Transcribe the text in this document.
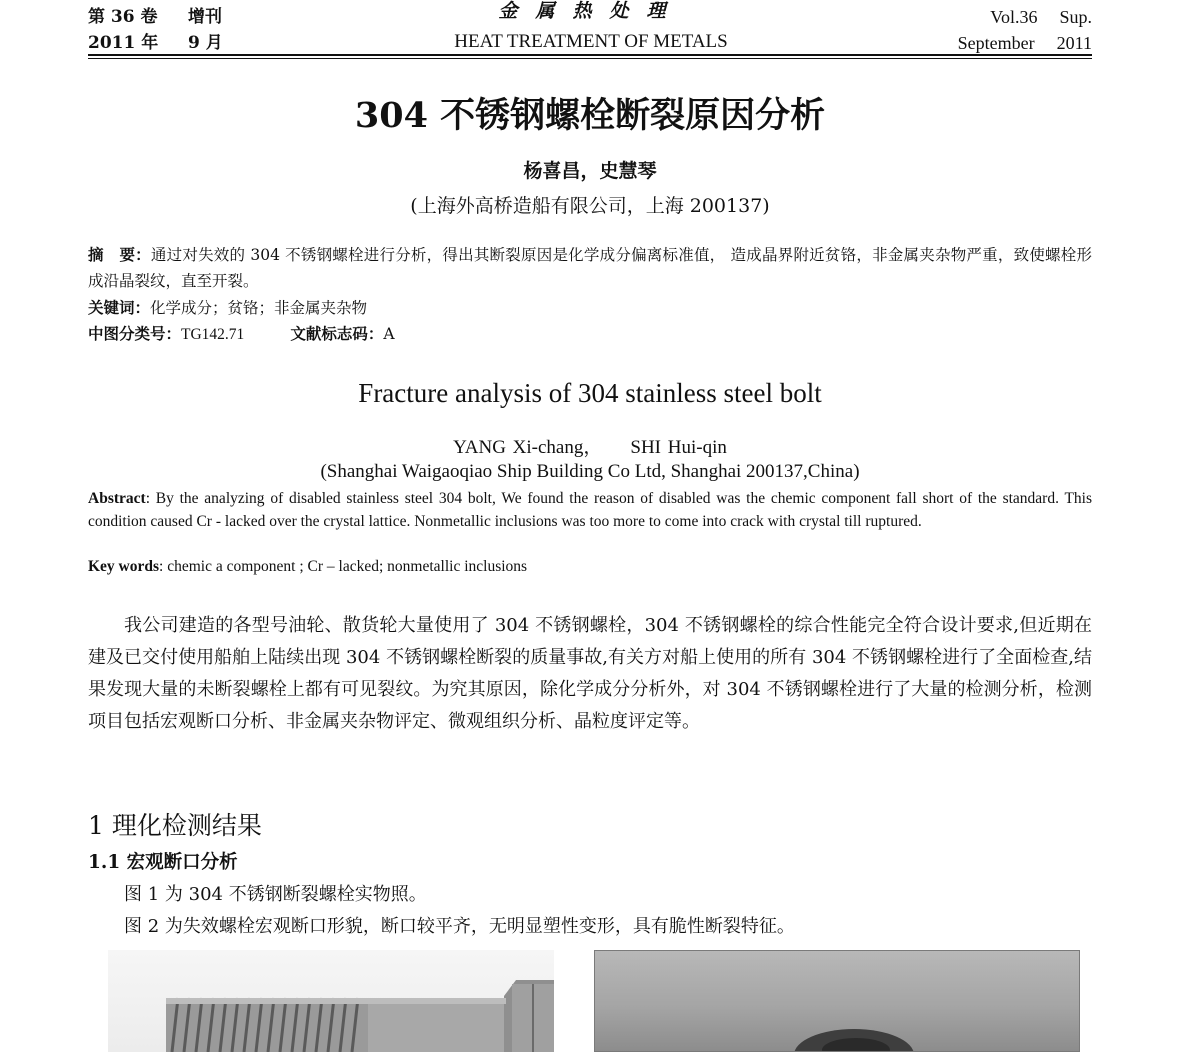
第 36 卷 增刊
2011 年 9 月
金属热处理
HEAT TREATMENT OF METALS
Vol.36 Sup.
September 2011
304 不锈钢螺栓断裂原因分析
杨喜昌，史慧琴
(上海外高桥造船有限公司，上海 200137)
摘　要：通过对失效的 304 不锈钢螺栓进行分析，得出其断裂原因是化学成分偏离标准值， 造成晶界附近贫铬，非金属夹杂物严重，致使螺栓形成沿晶裂纹，直至开裂。
关键词：化学成分；贫铬；非金属夹杂物
中图分类号：TG142.71	文献标志码：A
Fracture analysis of 304 stainless steel bolt
YANG Xi-chang， SHI Hui-qin
(Shanghai Waigaoqiao Ship Building Co Ltd, Shanghai 200137,China)
Abstract: By the analyzing of disabled stainless steel 304 bolt, We found the reason of disabled was the chemic component fall short of the standard. This condition caused Cr - lacked over the crystal lattice. Nonmetallic inclusions was too more to come into crack with crystal till ruptured.
Key words: chemic a component ; Cr – lacked; nonmetallic inclusions
我公司建造的各型号油轮、散货轮大量使用了 304 不锈钢螺栓，304 不锈钢螺栓的综合性能完全符合设计要求,但近期在建及已交付使用船舶上陆续出现 304 不锈钢螺栓断裂的质量事故,有关方对船上使用的所有 304 不锈钢螺栓进行了全面检查,结果发现大量的未断裂螺栓上都有可见裂纹。为究其原因，除化学成分分析外，对 304 不锈钢螺栓进行了大量的检测分析，检测项目包括宏观断口分析、非金属夹杂物评定、微观组织分析、晶粒度评定等。
1 理化检测结果
1.1 宏观断口分析
图 1 为 304 不锈钢断裂螺栓实物照。
图 2 为失效螺栓宏观断口形貌，断口较平齐，无明显塑性变形，具有脆性断裂特征。
